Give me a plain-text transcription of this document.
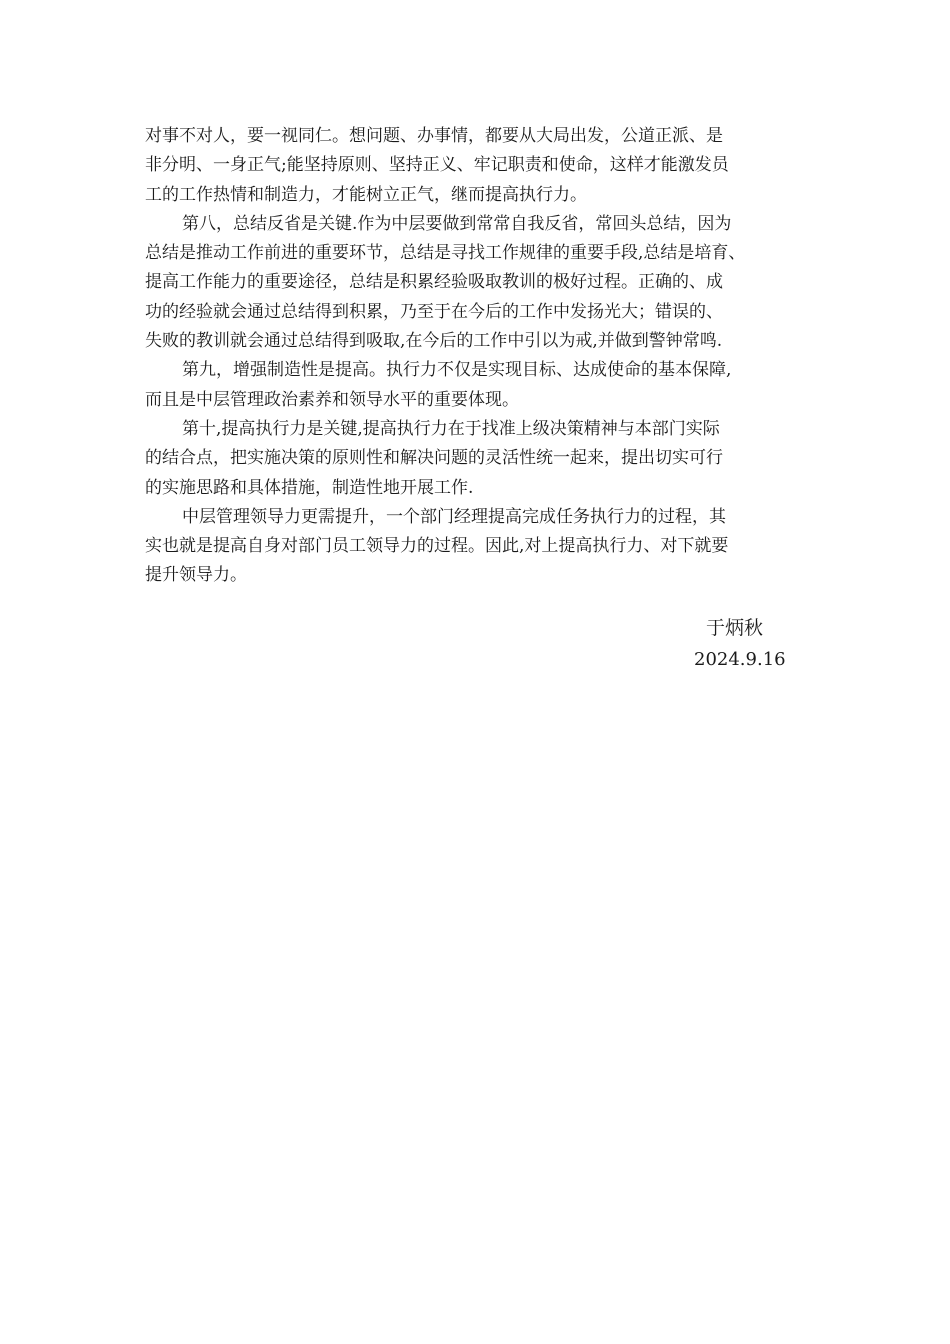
对事不对人，要一视同仁。想问题、办事情，都要从大局出发，公道正派、是
非分明、一身正气;能坚持原则、坚持正义、牢记职责和使命，这样才能激发员
工的工作热情和制造力，才能树立正气，继而提高执行力。
第八，总结反省是关键.作为中层要做到常常自我反省，常回头总结，因为
总结是推动工作前进的重要环节，总结是寻找工作规律的重要手段,总结是培育、
提高工作能力的重要途径，总结是积累经验吸取教训的极好过程。正确的、成
功的经验就会通过总结得到积累，乃至于在今后的工作中发扬光大；错误的、
失败的教训就会通过总结得到吸取,在今后的工作中引以为戒,并做到警钟常鸣.
第九，增强制造性是提高。执行力不仅是实现目标、达成使命的基本保障,
而且是中层管理政治素养和领导水平的重要体现。
第十,提高执行力是关键,提高执行力在于找准上级决策精神与本部门实际
的结合点，把实施决策的原则性和解决问题的灵活性统一起来，提出切实可行
的实施思路和具体措施，制造性地开展工作.
中层管理领导力更需提升，一个部门经理提高完成任务执行力的过程，其
实也就是提高自身对部门员工领导力的过程。因此,对上提高执行力、对下就要
提升领导力。
于炳秋
2024.9.16
